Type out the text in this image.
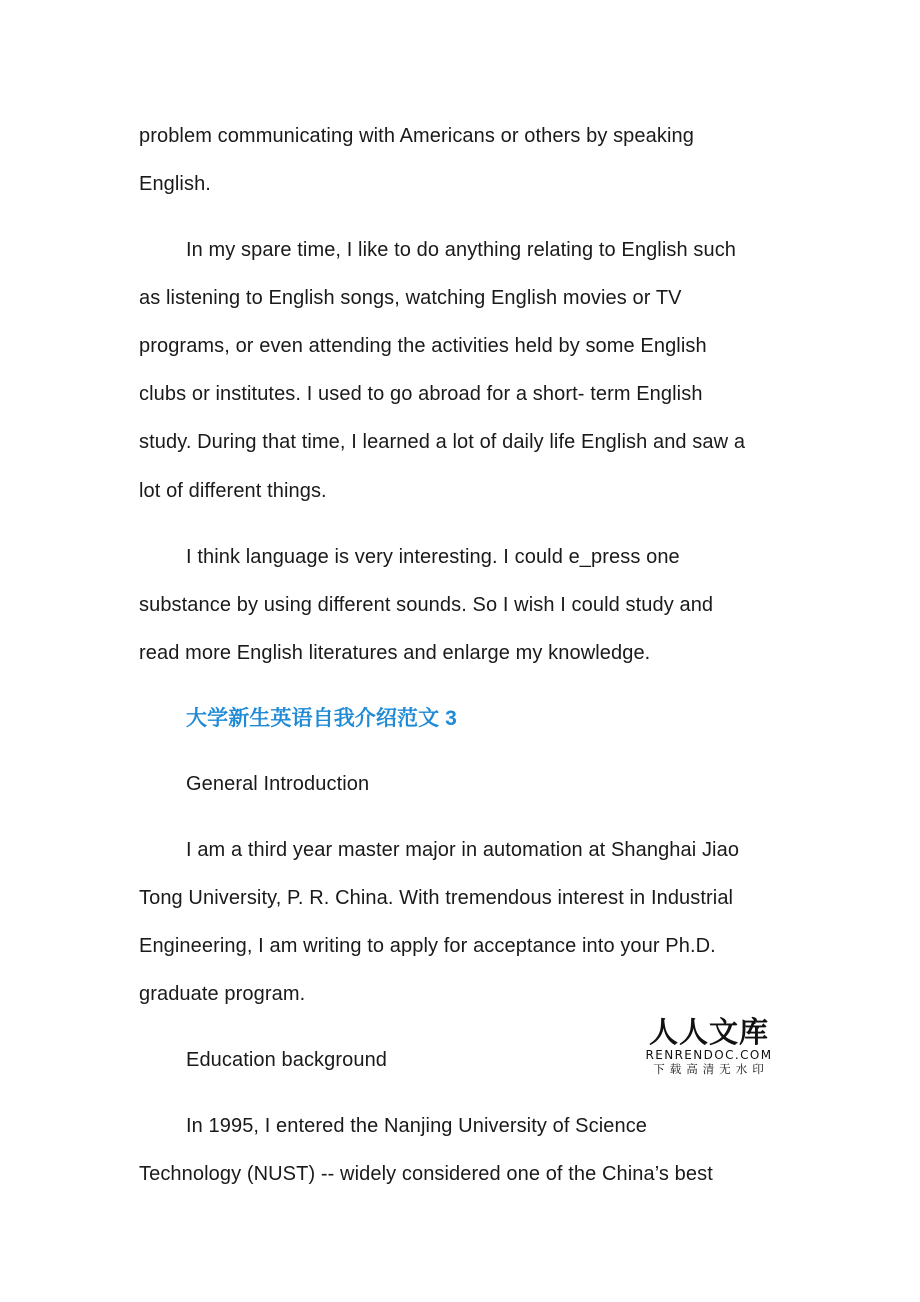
problem communicating with Americans or others by speaking
English.
In my spare time, I like to do anything relating to English such
as listening to English songs, watching English movies or TV
programs, or even attending the activities held by some English
clubs or institutes. I used to go abroad for a short- term English
study. During that time, I learned a lot of daily life English and saw a
lot of different things.
I think language is very interesting. I could e_press one
substance by using different sounds. So I wish I could study and
read more English literatures and enlarge my knowledge.
大学新生英语自我介绍范文 3
General Introduction
I am a third year master major in automation at Shanghai Jiao
Tong University, P. R. China. With tremendous interest in Industrial
Engineering, I am writing to apply for acceptance into your Ph.D.
graduate program.
Education background
In 1995, I entered the Nanjing University of Science
Technology (NUST) -- widely considered one of the China’s best
人人文库
RENRENDOC.COM
下载高清无水印
